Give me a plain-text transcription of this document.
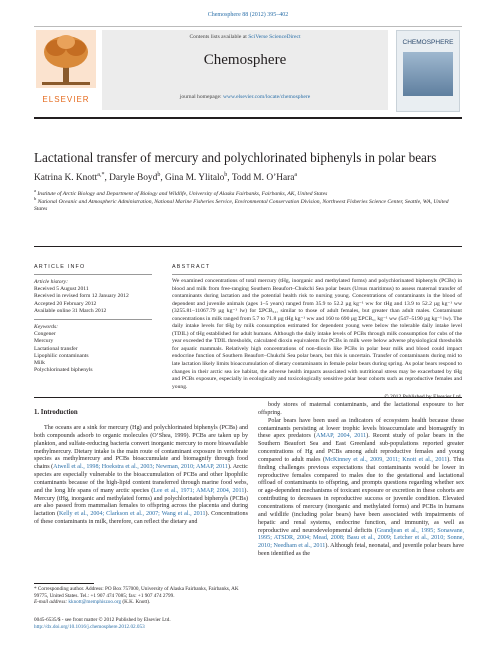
Chemosphere 88 (2012) 395–402
ELSEVIER
Contents lists available at SciVerse ScienceDirect
Chemosphere
journal homepage: www.elsevier.com/locate/chemosphere
CHEMOSPHERE
Lactational transfer of mercury and polychlorinated biphenyls in polar bears
Katrina K. Knott$^{a,*}$, Daryle Boyd$^b$, Gina M. Ylitalo$^b$, Todd M. O’Hara$^a$
$^a$ Institute of Arctic Biology and Department of Biology and Wildlife, University of Alaska Fairbanks, Fairbanks, AK, United States
$^b$ National Oceanic and Atmospheric Administration, National Marine Fisheries Service, Environmental Conservation Division, Northwest Fisheries Science Center, Seattle, WA, United States
ARTICLE INFO
Article history:
Received 5 August 2011
Received in revised form 12 January 2012
Accepted 20 February 2012
Available online 31 March 2012
Keywords:
Congener
Mercury
Lactational transfer
Lipophilic contaminants
Milk
Polychlorinated biphenyls
ABSTRACT
We examined concentrations of total mercury (tHg, inorganic and methylated forms) and polychlorinated biphenyls (PCBs) in blood and milk from free-ranging Southern Beaufort–Chukchi Sea polar bears (Ursus maritimus) to assess maternal transfer of contaminants during lactation and the potential health risk to nursing young. Concentrations of contaminants in the blood of dependent and juvenile animals (ages 1–5 years) ranged from 35.9 to 52.2 µg kg⁻¹ ww for tHg and 13.9 to 52.2 µg kg⁻¹ ww (3255.81–11067.79 µg kg⁻¹ lw) for ΣPCB₅₁, similar to those of adult females, but greater than adult males. Contaminant concentrations in milk ranged from 5.7 to 71.8 µg tHg kg⁻¹ ww and 160 to 690 µg ΣPCB₅₁ kg⁻¹ ww (547–5190 µg kg⁻¹ lw). The daily intake levels for tHg by milk consumption estimated for dependent young were below the tolerable daily intake level (TDIL) of tHg established for adult humans. Although the daily intake levels of PCBs through milk consumption for cubs of the year exceeded the TDIL thresholds, calculated dioxin equivalents for PCBs in milk were below adverse physiological thresholds for aquatic mammals. Relatively high concentrations of non-dioxin like PCBs in polar bear milk and blood could impact endocrine function of Southern Beaufort–Chukchi Sea polar bears, but this is uncertain. Transfer of contaminants during mid to late lactation likely limits bioaccumulation of dietary contaminants in female polar bears during spring. As polar bears respond to changes in their arctic sea ice habitat, the adverse health impacts associated with nutritional stress may be exacerbated by tHg and PCBs exposure, especially in ecologically and toxicologically sensitive polar bear cohorts such as reproductive females and young.
1. Introduction

The oceans are a sink for mercury (Hg) and polychlorinated biphenyls (PCBs) and both compounds adsorb to organic molecules (O’Shea, 1999). PCBs are taken up by plankton, and sulfate-reducing bacteria convert inorganic mercury to more bioavailable methylmercury. Dietary intake is the main route of contaminant exposure in vertebrate species as methylmercury and PCBs bioaccumulate and biomagnify through food chains (Atwell et al., 1998; Hoekstra et al., 2003; Newman, 2010; AMAP, 2011). Arctic species are especially vulnerable to the bioaccumulation of PCBs and other lipophilic contaminants because of the high-lipid content transferred through marine food webs, and the long life spans of many arctic species (Lee et al., 1971; AMAP, 2004, 2011). Mercury (tHg, inorganic and methylated forms) and polychlorinated biphenyls (PCBs) are also passed from mammalian females to offspring across the placenta and during lactation (Kelly et al., 2004; Clarkson et al., 2007; Wang et al., 2011). Concentrations of these contaminants in milk, therefore, can reflect the dietary and

body stores of maternal contaminants, and the lactational exposure to her offspring.

Polar bears have been used as indicators of ecosystem health because those contaminants persisting at lower trophic levels bioaccumulate and biomagnify in these apex predators (AMAP, 2004, 2011). Recent study of polar bears in the Southern Beaufort Sea and East Greenland sub-populations reported greater concentrations of Hg and PCBs among adult reproductive females and young compared to adult males (McKinney et al., 2009, 2011; Knott et al., 2011). This finding challenges previous expectations that contaminants would be lower in reproductive females compared to males due to the gestational and lactational offload of contaminants to offspring, and prompts questions regarding whether sex or age-dependent mechanisms of toxicant exposure or excretion in these cohorts are contributing to decreases in reproductive success or juvenile condition. Elevated concentrations of mercury (inorganic and methylated forms) and PCBs in humans and wildlife (including polar bears) have been associated with impairments of hepatic and renal systems, endocrine function, and immunity, as well as reproductive and neurodevelopmental deficits (Grandjean et al., 1995; Sonawane, 1995; ATSDR, 2004; Mead, 2008; Basu et al., 2009; Letcher et al., 2010; Sonne, 2010; Needham et al., 2011). Although fetal, neonatal, and juvenile polar bears have been identified as the

* Corresponding author. Address: PO Box 757000, University of Alaska Fairbanks, Fairbanks, AK 99775, United States. Tel.: +1 907 474 7085; fax: +1 907 474 2799.
E-mail address: kknott@memphiszoo.org (K.K. Knott).
0045-6535/$ - see front matter © 2012 Published by Elsevier Ltd.
http://dx.doi.org/10.1016/j.chemosphere.2012.02.053
